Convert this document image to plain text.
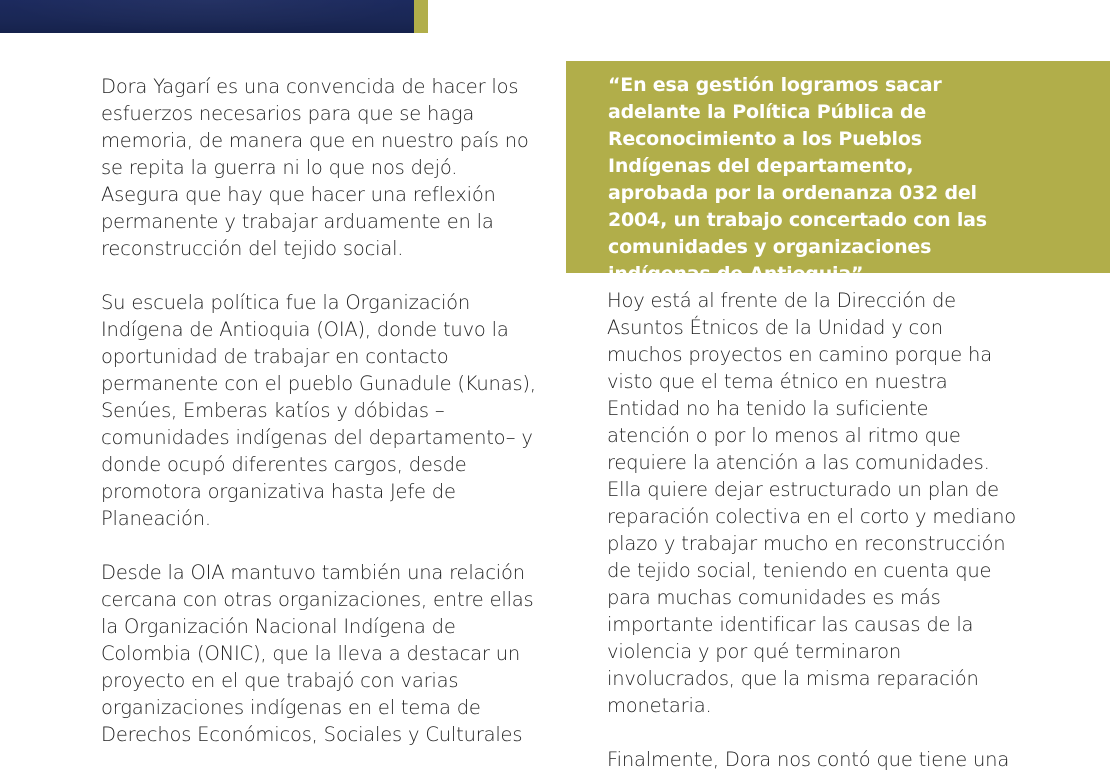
Dora Yagarí es una convencida de hacer los esfuerzos necesarios para que se haga memoria, de manera que en nuestro país no se repita la guerra ni lo que nos dejó. Asegura que hay que hacer una reflexión permanente y trabajar arduamente en la reconstrucción del tejido social.

Su escuela política fue la Organización Indígena de Antioquia (OIA), donde tuvo la oportunidad de trabajar en contacto permanente con el pueblo Gunadule (Kunas), Senúes, Emberas katíos y dóbidas –comunidades indígenas del departamento– y donde ocupó diferentes cargos, desde promotora organizativa hasta Jefe de Planeación.

Desde la OIA mantuvo también una relación cercana con otras organizaciones, entre ellas la Organización Nacional Indígena de Colombia (ONIC), que la lleva a destacar un proyecto en el que trabajó con varias organizaciones indígenas en el tema de Derechos Económicos, Sociales y Culturales

“En esa gestión logramos sacar adelante la Política Pública de Reconocimiento a los Pueblos Indígenas del departamento, aprobada por la ordenanza 032 del 2004, un trabajo concertado con las comunidades y organizaciones indígenas de Antioquia”.

Hoy está al frente de la Dirección de Asuntos Étnicos de la Unidad y con muchos proyectos en camino porque ha visto que el tema étnico en nuestra Entidad no ha tenido la suficiente atención o por lo menos al ritmo que requiere la atención a las comunidades. Ella quiere dejar estructurado un plan de reparación colectiva en el corto y mediano plazo y trabajar mucho en reconstrucción de tejido social, teniendo en cuenta que para muchas comunidades es más importante identificar las causas de la violencia y por qué terminaron involucrados, que la misma reparación monetaria.

Finalmente, Dora nos contó que tiene una
